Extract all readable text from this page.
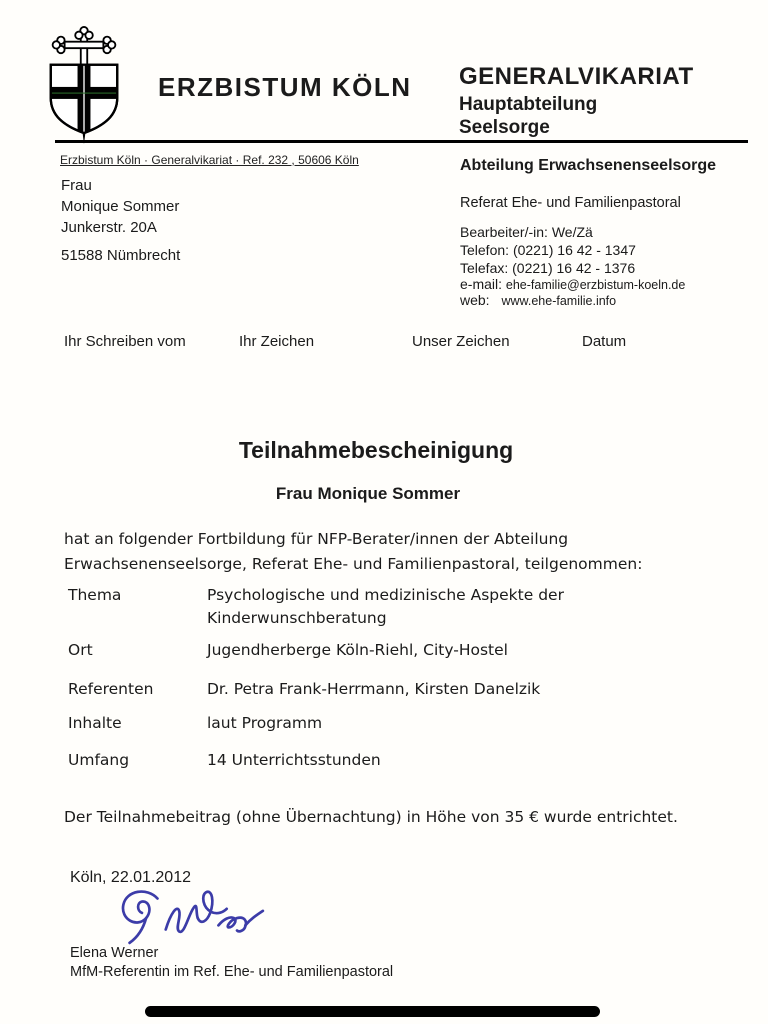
ERZBISTUM KÖLN GENERALVIKARIAT
Hauptabteilung
Seelsorge
Erzbistum Köln · Generalvikariat · Ref. 232 , 50606 Köln
Frau
Monique Sommer
Junkerstr. 20A
51588 Nümbrecht
Abteilung Erwachsenenseelsorge
Referat Ehe- und Familienpastoral
Bearbeiter/-in: We/Zä
Telefon: (0221) 16 42 - 1347
Telefax: (0221) 16 42 - 1376
e-mail: ehe-familie@erzbistum-koeln.de
web: www.ehe-familie.info
Ihr Schreiben vom	Ihr Zeichen	Unser Zeichen	Datum
Teilnahmebescheinigung
Frau Monique Sommer
hat an folgender Fortbildung für NFP-Berater/innen der Abteilung
Erwachsenenseelsorge, Referat Ehe- und Familienpastoral, teilgenommen:
Thema	Psychologische und medizinische Aspekte der
Kinderwunschberatung
Ort	Jugendherberge Köln-Riehl, City-Hostel
Referenten	Dr. Petra Frank-Herrmann, Kirsten Danelzik
Inhalte	laut Programm
Umfang	14 Unterrichtsstunden
Der Teilnahmebeitrag (ohne Übernachtung) in Höhe von 35 € wurde entrichtet.
Köln, 22.01.2012
Elena Werner
MfM-Referentin im Ref. Ehe- und Familienpastoral
